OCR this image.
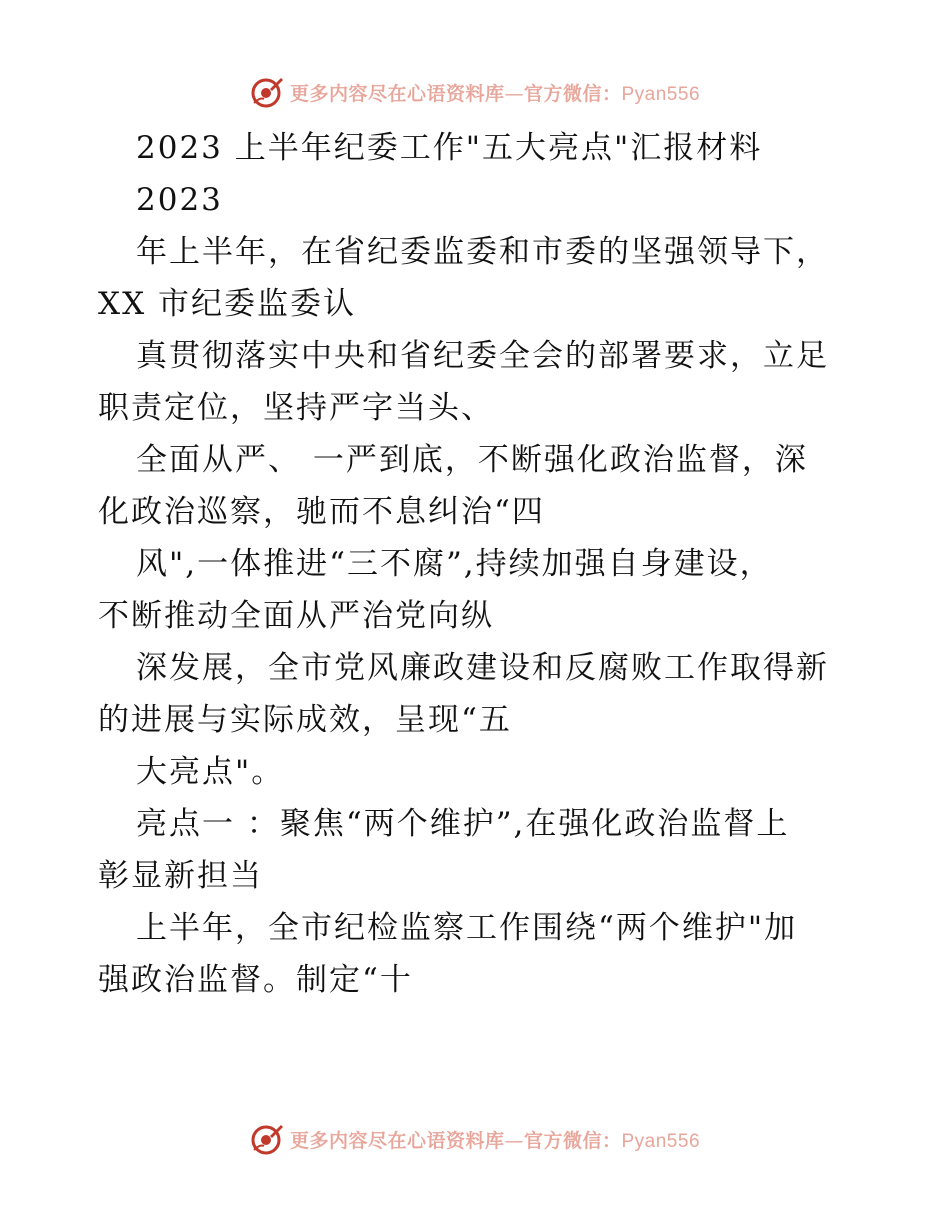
更多内容尽在心语资料库—官方微信：Pyan556
2023 上半年纪委工作"五大亮点"汇报材料
2023
年上半年，在省纪委监委和市委的坚强领导下，
XX 市纪委监委认
真贯彻落实中央和省纪委全会的部署要求，立足
职责定位，坚持严字当头、
全面从严、 一严到底，不断强化政治监督，深
化政治巡察，驰而不息纠治“四
风",一体推进“三不腐”,持续加强自身建设，
不断推动全面从严治党向纵
深发展，全市党风廉政建设和反腐败工作取得新
的进展与实际成效，呈现“五
大亮点"。
亮点一 ：聚焦“两个维护”,在强化政治监督上
彰显新担当
上半年，全市纪检监察工作围绕“两个维护"加
强政治监督。制定“十
更多内容尽在心语资料库—官方微信：Pyan556
